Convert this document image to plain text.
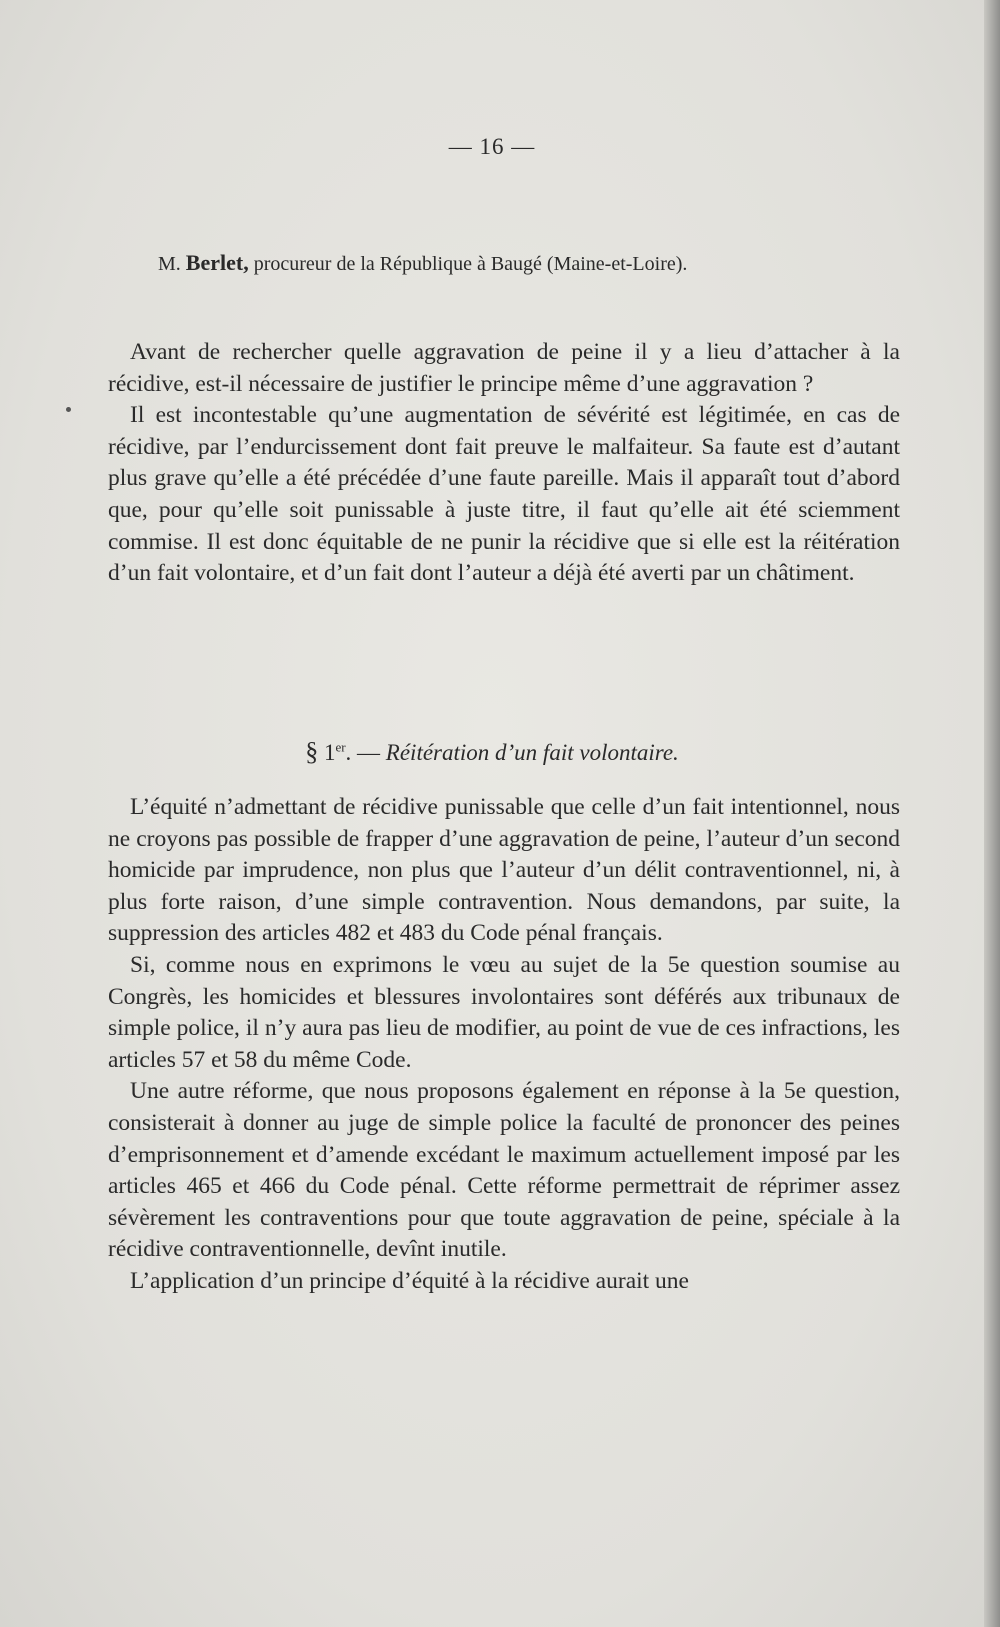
— 16 —
M. Berlet, procureur de la République à Baugé (Maine-et-Loire).

Avant de rechercher quelle aggravation de peine il y a lieu d’attacher à la récidive, est-il nécessaire de justifier le principe même d’une aggravation ?

Il est incontestable qu’une augmentation de sévérité est légitimée, en cas de récidive, par l’endurcissement dont fait preuve le malfaiteur. Sa faute est d’autant plus grave qu’elle a été précédée d’une faute pareille. Mais il apparaît tout d’abord que, pour qu’elle soit punissable à juste titre, il faut qu’elle ait été sciemment commise. Il est donc équitable de ne punir la récidive que si elle est la réitération d’un fait volontaire, et d’un fait dont l’auteur a déjà été averti par un châtiment.

§ 1er. — Réitération d’un fait volontaire.

L’équité n’admettant de récidive punissable que celle d’un fait intentionnel, nous ne croyons pas possible de frapper d’une aggravation de peine, l’auteur d’un second homicide par imprudence, non plus que l’auteur d’un délit contraventionnel, ni, à plus forte raison, d’une simple contravention. Nous demandons, par suite, la suppression des articles 482 et 483 du Code pénal français.

Si, comme nous en exprimons le vœu au sujet de la 5e question soumise au Congrès, les homicides et blessures involontaires sont déférés aux tribunaux de simple police, il n’y aura pas lieu de modifier, au point de vue de ces infractions, les articles 57 et 58 du même Code.

Une autre réforme, que nous proposons également en réponse à la 5e question, consisterait à donner au juge de simple police la faculté de prononcer des peines d’emprisonnement et d’amende excédant le maximum actuellement imposé par les articles 465 et 466 du Code pénal. Cette réforme permettrait de réprimer assez sévèrement les contraventions pour que toute aggravation de peine, spéciale à la récidive contraventionnelle, devînt inutile.

L’application d’un principe d’équité à la récidive aurait une
